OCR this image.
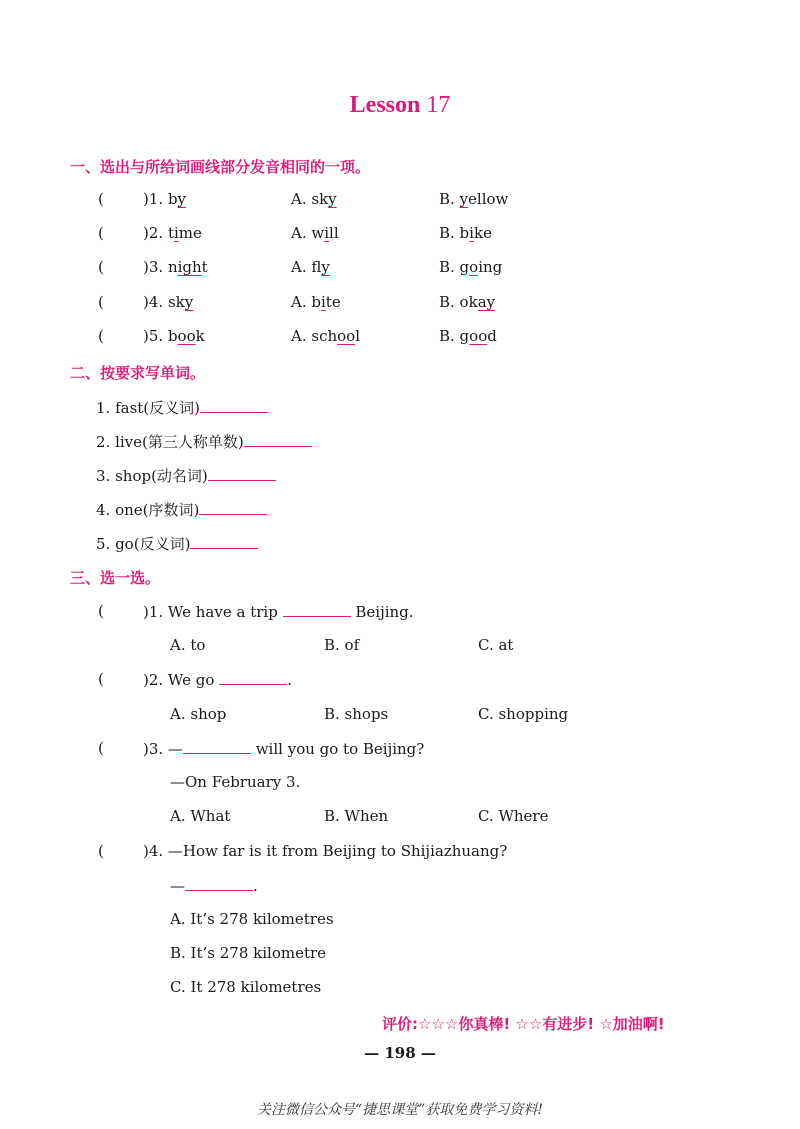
Lesson 17
一、选出与所给词画线部分发音相同的一项。
(	)1. by	A. sky	B. yellow
(	)2. time	A. will	B. bike
(	)3. night	A. fly	B. going
(	)4. sky	A. bite	B. okay
(	)5. book	A. school	B. good
二、按要求写单词。
1. fast(反义词)
2. live(第三人称单数)
3. shop(动名词)
4. one(序数词)
5. go(反义词)
三、选一选。
(	)1. We have a trip	Beijing.
A. to	B. of	C. at
(	)2. We go	.
A. shop	B. shops	C. shopping
(	)3. —	will you go to Beijing?
—On February 3.
A. What	B. When	C. Where
(	)4. —How far is it from Beijing to Shijiazhuang?
—	.
A. It’s 278 kilometres
B. It’s 278 kilometre
C. It 278 kilometres
评价:☆☆☆你真棒! ☆☆有进步! ☆加油啊!
— 198 —
关注微信公众号“捷思课堂”获取免费学习资料!
